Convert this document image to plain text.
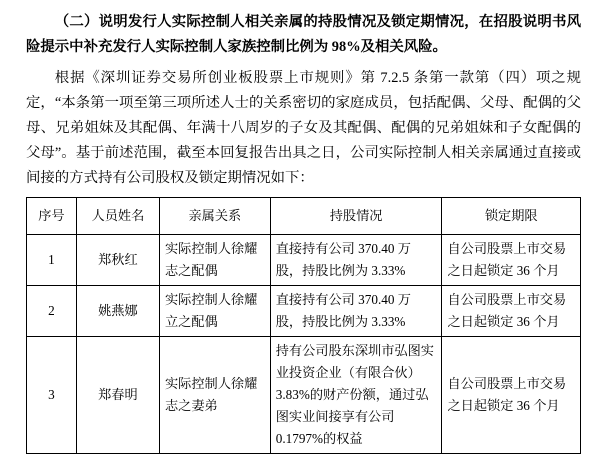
（二）说明发行人实际控制人相关亲属的持股情况及锁定期情况，在招股说明书风险提示中补充发行人实际控制人家族控制比例为 98%及相关风险。

根据《深圳证券交易所创业板股票上市规则》第 7.2.5 条第一款第（四）项之规定，“本条第一项至第三项所述人士的关系密切的家庭成员，包括配偶、父母、配偶的父母、兄弟姐妹及其配偶、年满十八周岁的子女及其配偶、配偶的兄弟姐妹和子女配偶的父母”。基于前述范围，截至本回复报告出具之日，公司实际控制人相关亲属通过直接或间接的方式持有公司股权及锁定期情况如下：

序号	人员姓名	亲属关系	持股情况	锁定期限
1	郑秋红	实际控制人徐耀志之配偶	直接持有公司 370.40 万股，持股比例为 3.33%	自公司股票上市交易之日起锁定 36 个月
2	姚燕娜	实际控制人徐耀立之配偶	直接持有公司 370.40 万股，持股比例为 3.33%	自公司股票上市交易之日起锁定 36 个月
3	郑春明	实际控制人徐耀志之妻弟	持有公司股东深圳市弘图实业投资企业（有限合伙）3.83%的财产份额，通过弘图实业间接享有公司 0.1797%的权益	自公司股票上市交易之日起锁定 36 个月
